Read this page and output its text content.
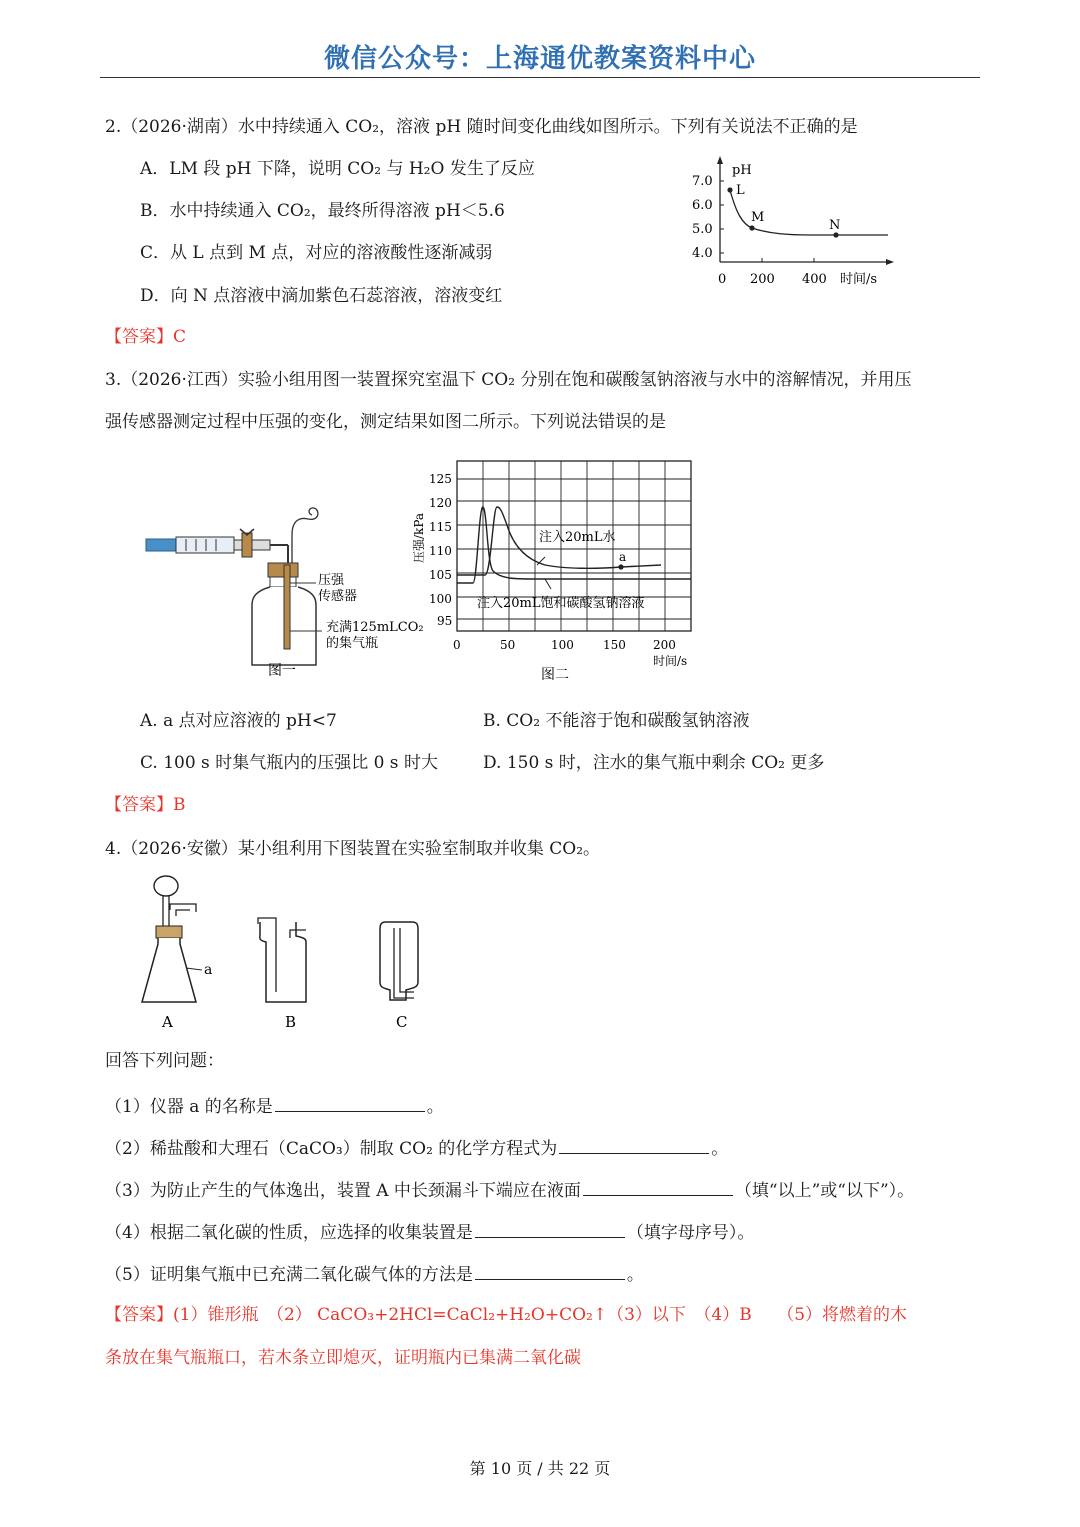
微信公众号：上海通优教案资料中心
2.（2026·湖南）水中持续通入 CO₂，溶液 pH 随时间变化曲线如图所示。下列有关说法不正确的是
A．LM 段 pH 下降，说明 CO₂ 与 H₂O 发生了反应
B．水中持续通入 CO₂，最终所得溶液 pH＜5.6
C．从 L 点到 M 点，对应的溶液酸性逐渐减弱
D．向 N 点溶液中滴加紫色石蕊溶液，溶液变红
pH
7.0
6.0
5.0
4.0
0 200 400 时间/s
L
M
N
【答案】C
3.（2026·江西）实验小组用图一装置探究室温下 CO₂ 分别在饱和碳酸氢钠溶液与水中的溶解情况，并用压
强传感器测定过程中压强的变化，测定结果如图二所示。下列说法错误的是
压强
传感器
充满125mLCO₂
的集气瓶
图一
125
120
115
110
105
100
95
压强/kPa
0	50	100 150 200
时间/s
a
注入20mL水
注入20mL饱和碳酸氢钠溶液
图二
A. a 点对应溶液的 pH<7	B. CO₂ 不能溶于饱和碳酸氢钠溶液
C. 100 s 时集气瓶内的压强比 0 s 时大	D. 150 s 时，注水的集气瓶中剩余 CO₂ 更多
【答案】B
4.（2026·安徽）某小组利用下图装置在实验室制取并收集 CO₂。
a
A	B	C
回答下列问题：
（1）仪器 a 的名称是	。
（2）稀盐酸和大理石（CaCO₃）制取 CO₂ 的化学方程式为	。
（3）为防止产生的气体逸出，装置 A 中长颈漏斗下端应在液面	（填“以上”或“以下”）。
（4）根据二氧化碳的性质，应选择的收集装置是	（填字母序号）。
（5）证明集气瓶中已充满二氧化碳气体的方法是	。
【答案】(1）锥形瓶　（2） CaCO₃+2HCl=CaCl₂+H₂O+CO₂↑（3）以下　（4）B　　（5）将燃着的木
条放在集气瓶瓶口，若木条立即熄灭，证明瓶内已集满二氧化碳
第 10 页 / 共 22 页
